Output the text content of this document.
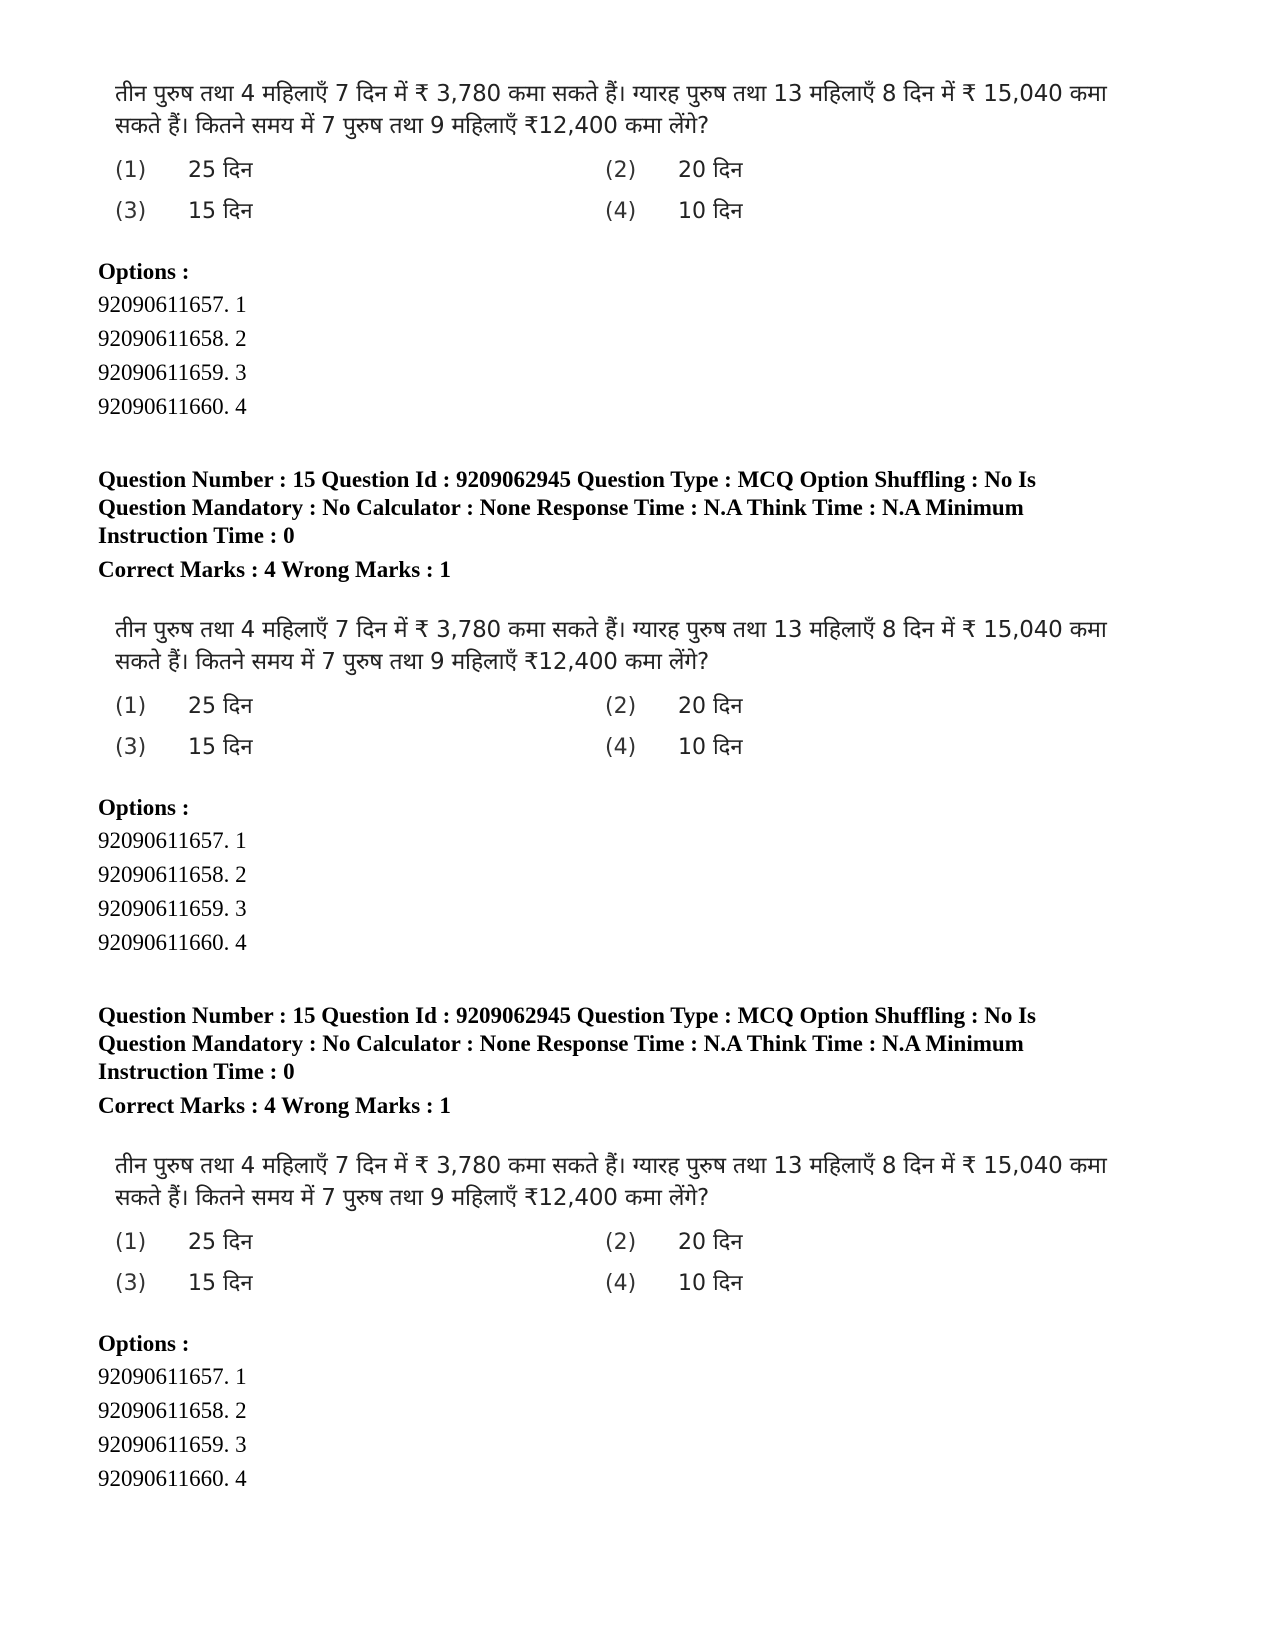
तीन पुरुष तथा 4 महिलाएँ 7 दिन में ₹ 3,780 कमा सकते हैं। ग्यारह पुरुष तथा 13 महिलाएँ 8 दिन में ₹ 15,040 कमा सकते हैं। कितने समय में 7 पुरुष तथा 9 महिलाएँ ₹12,400 कमा लेंगे?
(1)	25 दिन	(2)	20 दिन
(3)	15 दिन	(4)	10 दिन
Options :
92090611657. 1
92090611658. 2
92090611659. 3
92090611660. 4
Question Number : 15 Question Id : 9209062945 Question Type : MCQ Option Shuffling : No Is Question Mandatory : No Calculator : None Response Time : N.A Think Time : N.A Minimum Instruction Time : 0
Correct Marks : 4 Wrong Marks : 1
तीन पुरुष तथा 4 महिलाएँ 7 दिन में ₹ 3,780 कमा सकते हैं। ग्यारह पुरुष तथा 13 महिलाएँ 8 दिन में ₹ 15,040 कमा सकते हैं। कितने समय में 7 पुरुष तथा 9 महिलाएँ ₹12,400 कमा लेंगे?
(1)	25 दिन	(2)	20 दिन
(3)	15 दिन	(4)	10 दिन
Options :
92090611657. 1
92090611658. 2
92090611659. 3
92090611660. 4
Question Number : 15 Question Id : 9209062945 Question Type : MCQ Option Shuffling : No Is Question Mandatory : No Calculator : None Response Time : N.A Think Time : N.A Minimum Instruction Time : 0
Correct Marks : 4 Wrong Marks : 1
तीन पुरुष तथा 4 महिलाएँ 7 दिन में ₹ 3,780 कमा सकते हैं। ग्यारह पुरुष तथा 13 महिलाएँ 8 दिन में ₹ 15,040 कमा सकते हैं। कितने समय में 7 पुरुष तथा 9 महिलाएँ ₹12,400 कमा लेंगे?
(1)	25 दिन	(2)	20 दिन
(3)	15 दिन	(4)	10 दिन
Options :
92090611657. 1
92090611658. 2
92090611659. 3
92090611660. 4
